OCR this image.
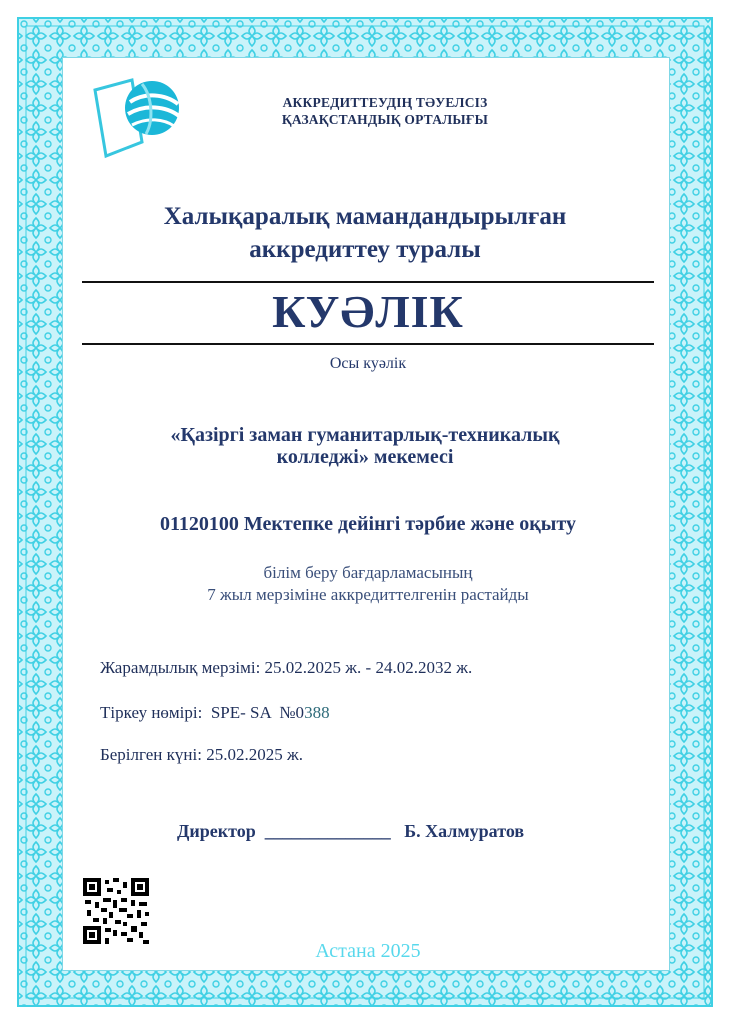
АККРЕДИТТЕУДІҢ ТӘУЕЛСІЗ
ҚАЗАҚСТАНДЫҚ ОРТАЛЫҒЫ
Халықаралық мамандандырылған
аккредиттеу туралы
КУӘЛІК
Осы куәлік
«Қазіргі заман гуманитарлық-техникалық
колледжі» мекемесі
01120100 Мектепке дейінгі тәрбие және оқыту
білім беру бағдарламасының
7 жыл мерзіміне аккредиттелгенін растайды
Жарамдылық мерзімі: 25.02.2025 ж. - 24.02.2032 ж.
Тіркеу нөмірі: SPE- SA  №0388
Берілген күні: 25.02.2025 ж.
Директор ______________ Б. Халмуратов
Астана 2025
